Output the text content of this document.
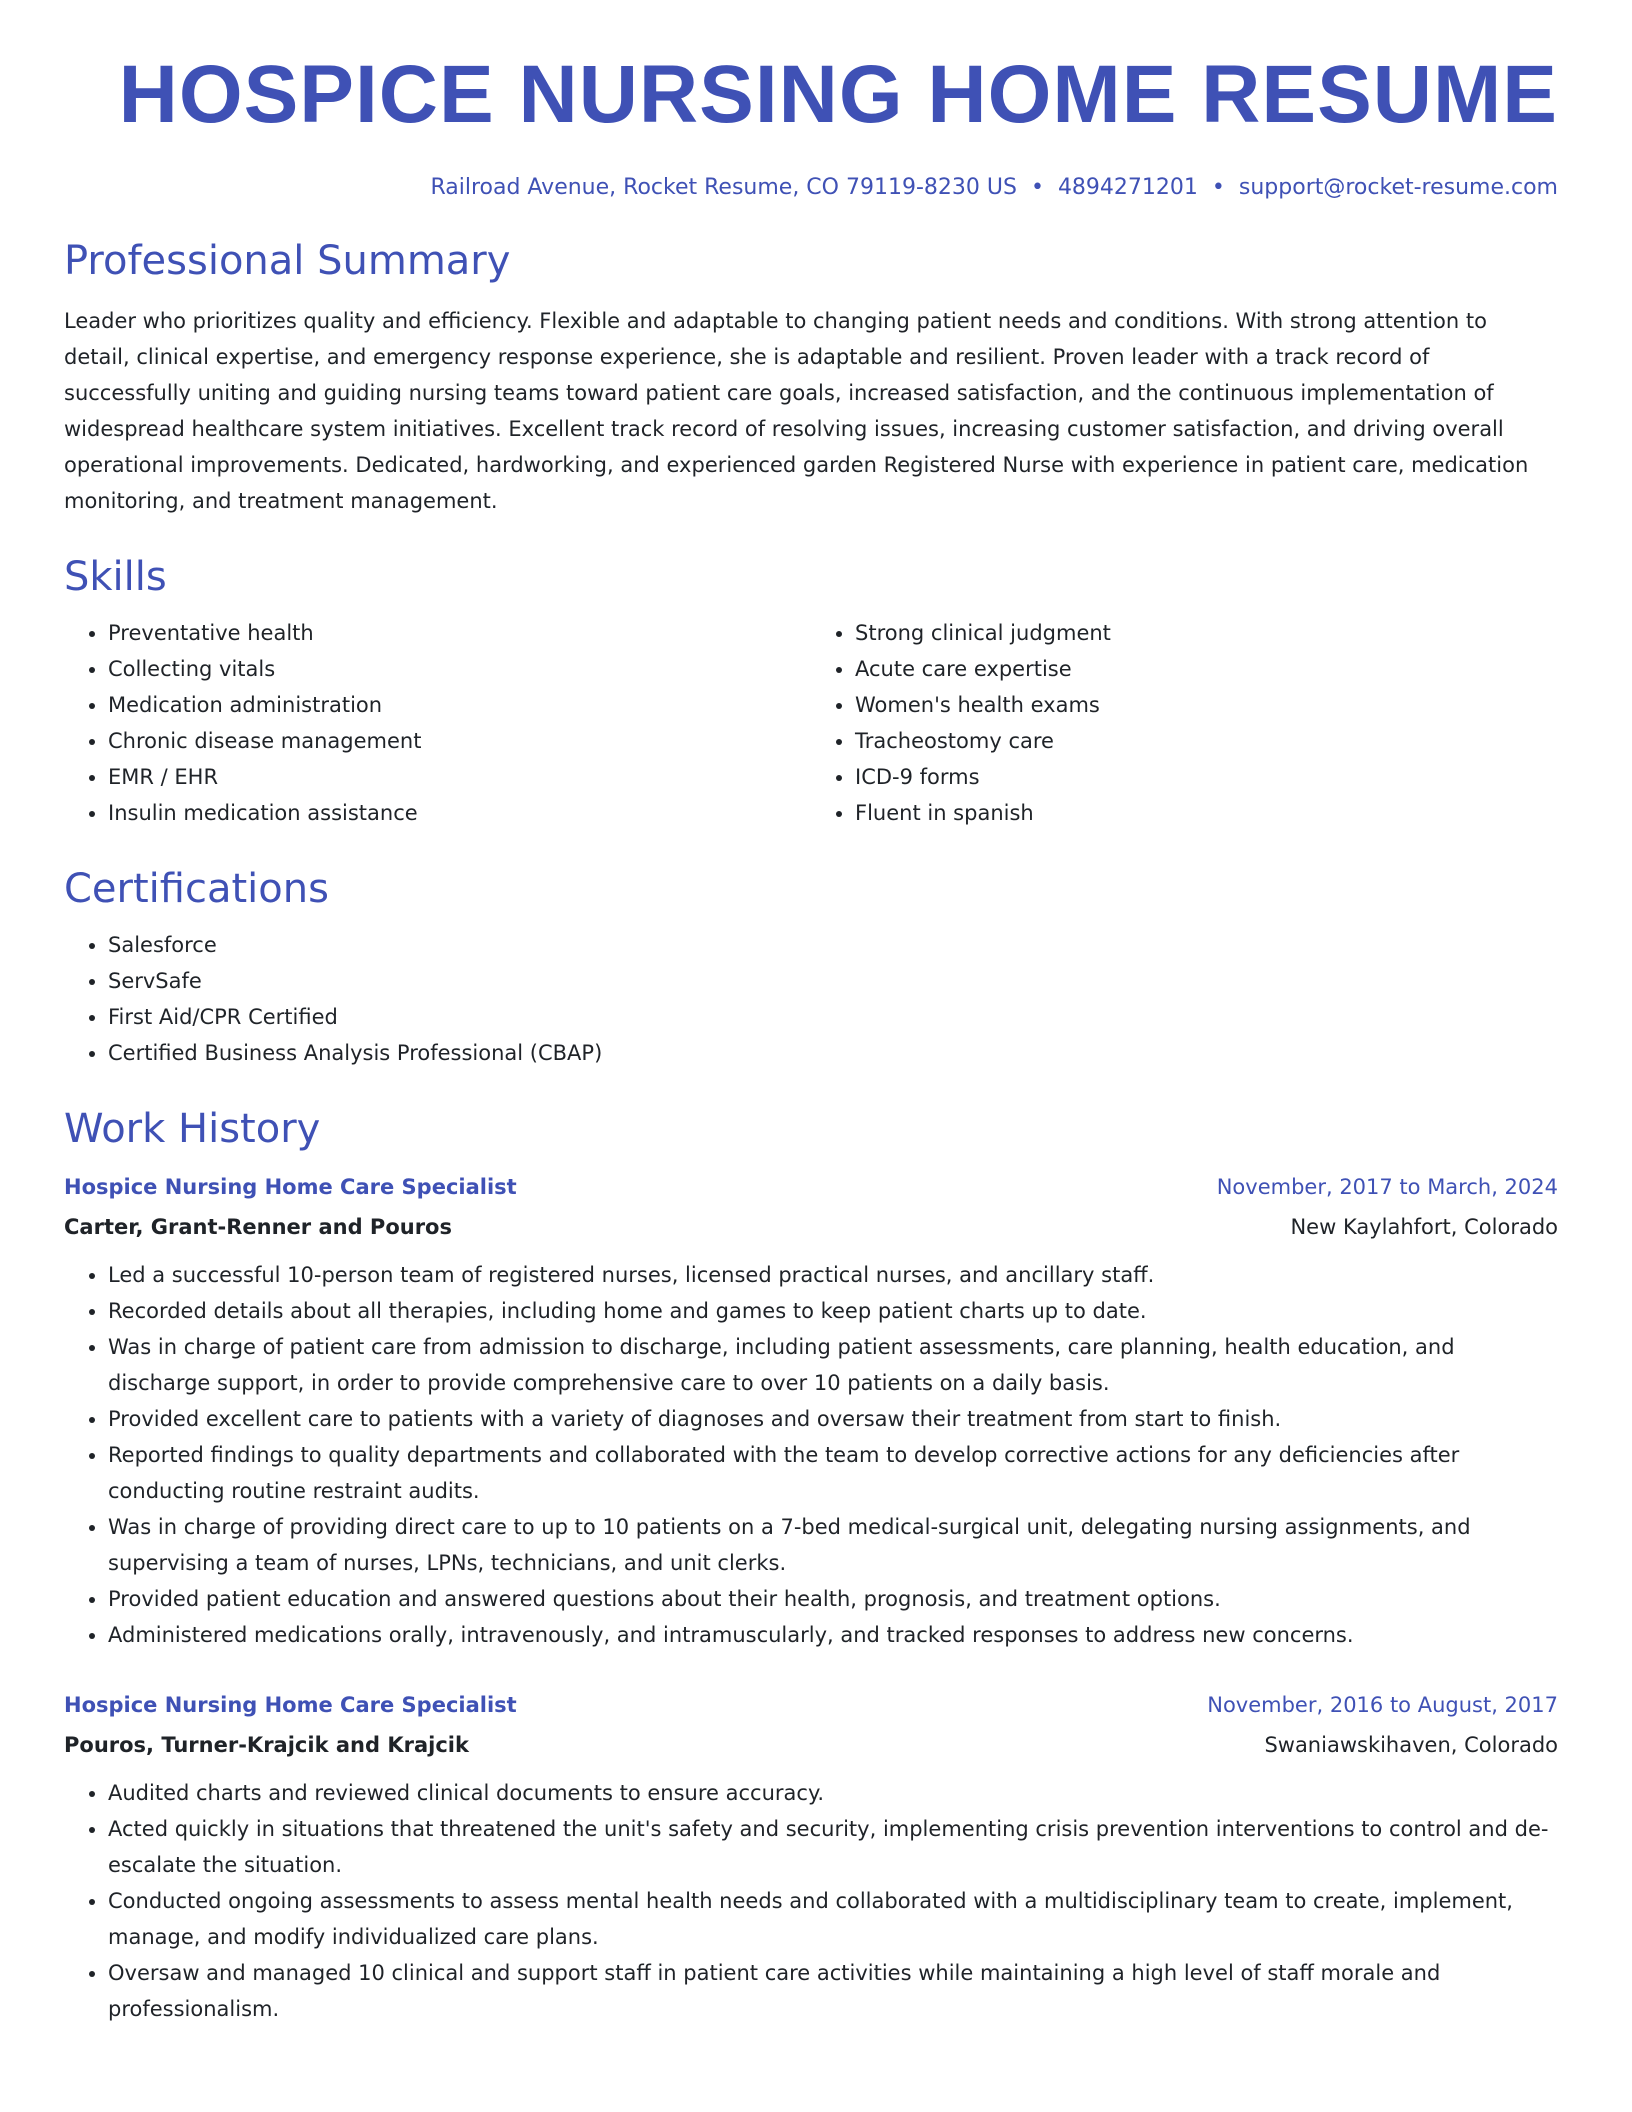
HOSPICE NURSING HOME RESUME
Railroad Avenue, Rocket Resume, CO 79119-8230 US • 4894271201 • support@rocket-resume.com
Professional Summary
Leader who prioritizes quality and efficiency. Flexible and adaptable to changing patient needs and conditions. With strong attention to detail, clinical expertise, and emergency response experience, she is adaptable and resilient. Proven leader with a track record of successfully uniting and guiding nursing teams toward patient care goals, increased satisfaction, and the continuous implementation of widespread healthcare system initiatives. Excellent track record of resolving issues, increasing customer satisfaction, and driving overall operational improvements. Dedicated, hardworking, and experienced garden Registered Nurse with experience in patient care, medication monitoring, and treatment management.
Skills
• Preventative health
• Collecting vitals
• Medication administration
• Chronic disease management
• EMR / EHR
• Insulin medication assistance
• Strong clinical judgment
• Acute care expertise
• Women's health exams
• Tracheostomy care
• ICD-9 forms
• Fluent in spanish
Certifications
• Salesforce
• ServSafe
• First Aid/CPR Certified
• Certified Business Analysis Professional (CBAP)
Work History
Hospice Nursing Home Care Specialist	November, 2017 to March, 2024
Carter, Grant-Renner and Pouros	New Kaylahfort, Colorado
• Led a successful 10-person team of registered nurses, licensed practical nurses, and ancillary staff.
• Recorded details about all therapies, including home and games to keep patient charts up to date.
• Was in charge of patient care from admission to discharge, including patient assessments, care planning, health education, and discharge support, in order to provide comprehensive care to over 10 patients on a daily basis.
• Provided excellent care to patients with a variety of diagnoses and oversaw their treatment from start to finish.
• Reported findings to quality departments and collaborated with the team to develop corrective actions for any deficiencies after conducting routine restraint audits.
• Was in charge of providing direct care to up to 10 patients on a 7-bed medical-surgical unit, delegating nursing assignments, and supervising a team of nurses, LPNs, technicians, and unit clerks.
• Provided patient education and answered questions about their health, prognosis, and treatment options.
• Administered medications orally, intravenously, and intramuscularly, and tracked responses to address new concerns.
Hospice Nursing Home Care Specialist	November, 2016 to August, 2017
Pouros, Turner-Krajcik and Krajcik	Swaniawskihaven, Colorado
• Audited charts and reviewed clinical documents to ensure accuracy.
• Acted quickly in situations that threatened the unit's safety and security, implementing crisis prevention interventions to control and de-escalate the situation.
• Conducted ongoing assessments to assess mental health needs and collaborated with a multidisciplinary team to create, implement, manage, and modify individualized care plans.
• Oversaw and managed 10 clinical and support staff in patient care activities while maintaining a high level of staff morale and professionalism.
